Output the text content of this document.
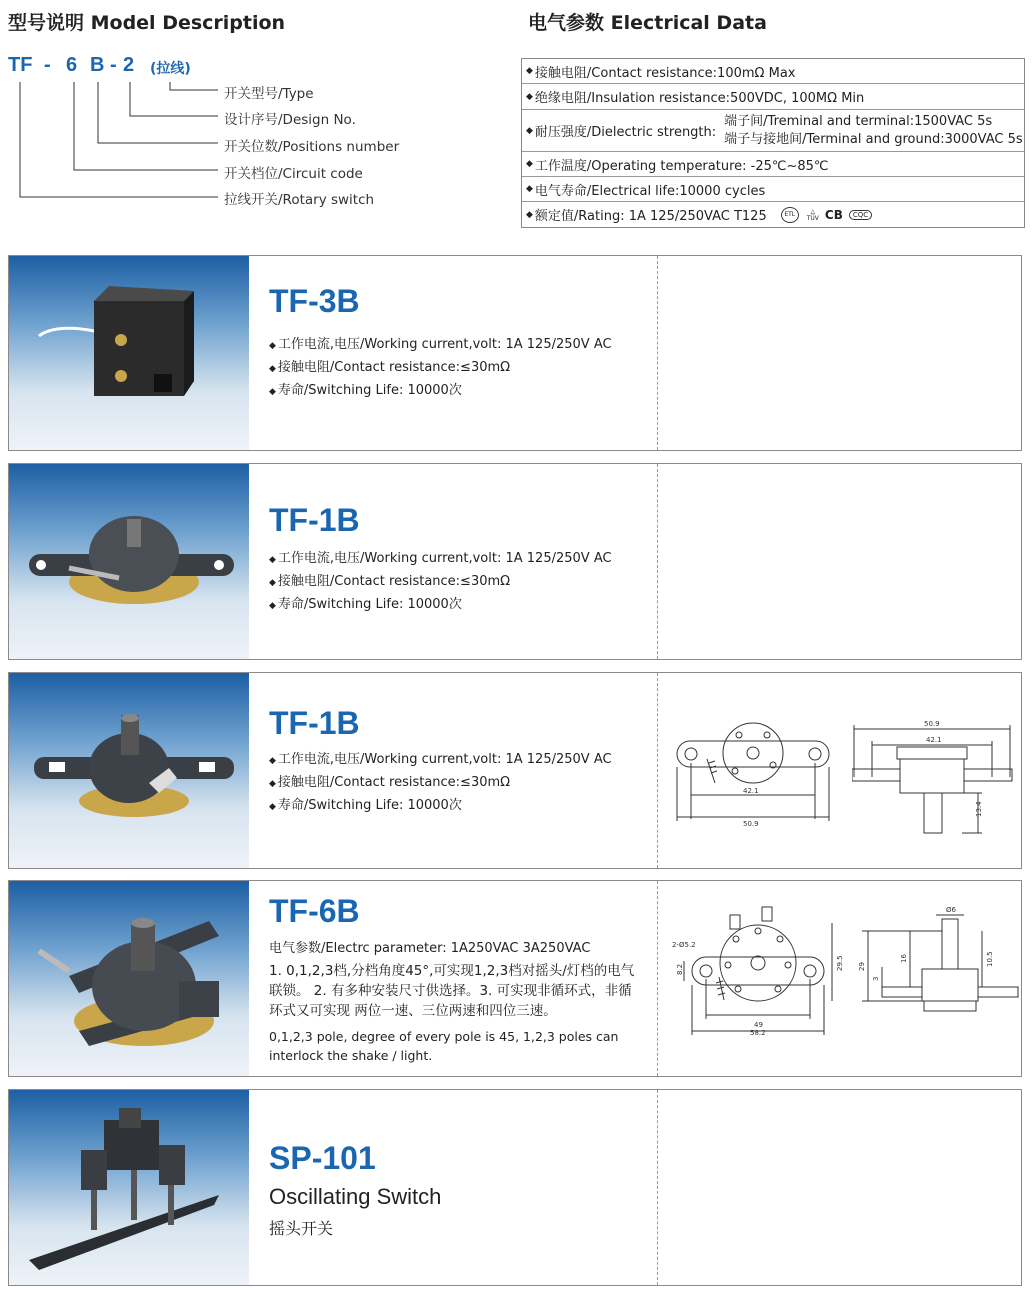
型号说明 Model Description
TF - 6 B - 2 (拉线)
开关型号/Type
设计序号/Design No.
开关位数/Positions number
开关档位/Circuit code
拉线开关/Rotary switch
电气参数 Electrical Data
◆ 接触电阻/Contact resistance:100mΩ Max
◆ 绝缘电阻/Insulation resistance:500VDC, 100MΩ Min
◆ 耐压强度/Dielectric strength:
端子间/Treminal and terminal:1500VAC 5s
端子与接地间/Terminal and ground:3000VAC 5s
◆ 工作温度/Operating temperature: -25℃~85℃
◆ 电气寿命/Electrical life:10000 cycles
◆ 额定值/Rating: 1A 125/250VAC T125	ETL	△
TÜV CB	CQC
TF-3B
◆ 工作电流,电压/Working current,volt: 1A 125/250V AC
◆ 接触电阻/Contact resistance:≤30mΩ
◆ 寿命/Switching Life: 10000次
TF-1B
◆ 工作电流,电压/Working current,volt: 1A 125/250V AC
◆ 接触电阻/Contact resistance:≤30mΩ
◆ 寿命/Switching Life: 10000次
TF-1B
◆ 工作电流,电压/Working current,volt: 1A 125/250V AC
◆ 接触电阻/Contact resistance:≤30mΩ
◆ 寿命/Switching Life: 10000次
42.1
50.9
50.9
42.1
13.4
TF-6B
电气参数/Electrc parameter: 1A250VAC 3A250VAC
1. 0,1,2,3档,分档角度45°,可实现1,2,3档对摇头/灯档的电气联锁。 2. 有多种安装尺寸供选择。3. 可实现非循环式，非循环式又可实现 两位一速、三位两速和四位三速。
0,1,2,3 pole, degree of every pole is 45, 1,2,3 poles can interlock the shake / light.
2-Ø5.2
8.2
49
58.2
29.5
Ø6
29
16
3
10.5
SP-101
Oscillating Switch
摇头开关
